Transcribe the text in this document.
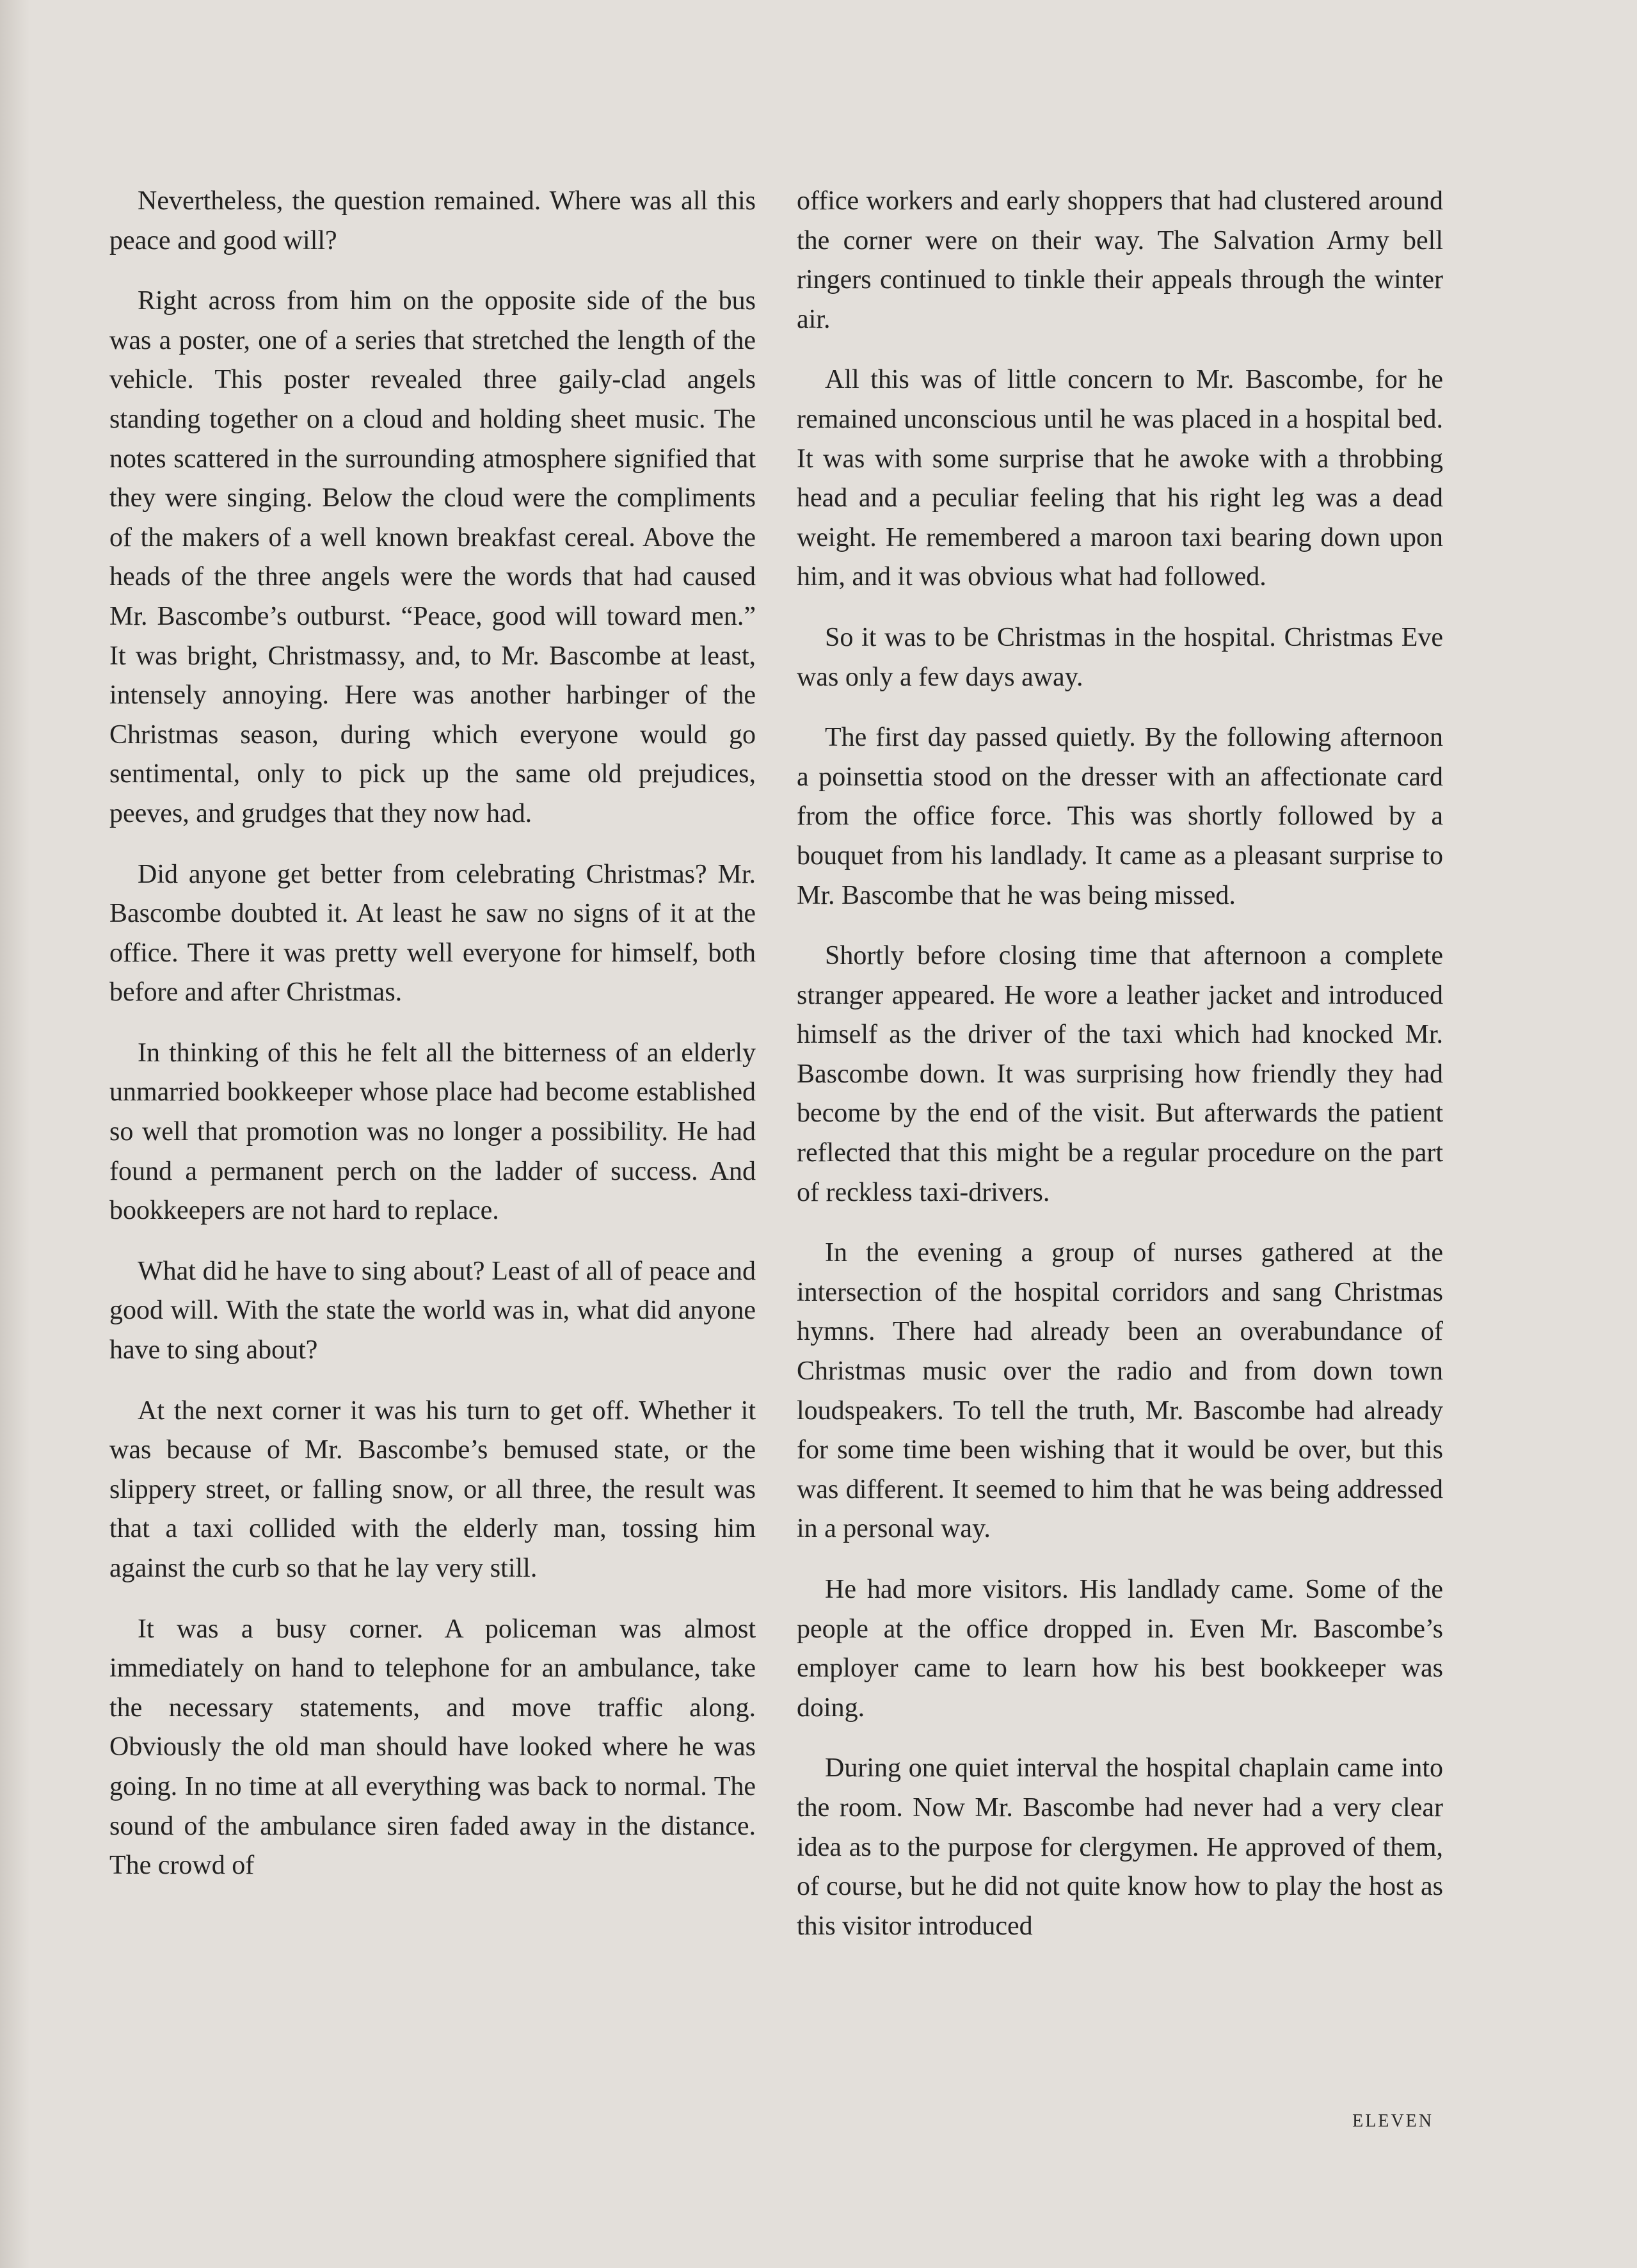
Nevertheless, the question remained. Where was all this peace and good will?

Right across from him on the opposite side of the bus was a poster, one of a series that stretched the length of the vehicle. This poster revealed three gaily-clad angels standing together on a cloud and holding sheet music. The notes scattered in the surrounding atmosphere signified that they were singing. Below the cloud were the compliments of the makers of a well known breakfast cereal. Above the heads of the three angels were the words that had caused Mr. Bascombe’s outburst. “Peace, good will toward men.” It was bright, Christmassy, and, to Mr. Bascombe at least, intensely annoying. Here was another harbinger of the Christmas season, during which everyone would go sentimental, only to pick up the same old prejudices, peeves, and grudges that they now had.

Did anyone get better from celebrating Christmas? Mr. Bascombe doubted it. At least he saw no signs of it at the office. There it was pretty well everyone for himself, both before and after Christmas.

In thinking of this he felt all the bitterness of an elderly unmarried bookkeeper whose place had become established so well that promotion was no longer a possibility. He had found a permanent perch on the ladder of success. And bookkeepers are not hard to replace.

What did he have to sing about? Least of all of peace and good will. With the state the world was in, what did anyone have to sing about?

At the next corner it was his turn to get off. Whether it was because of Mr. Bascombe’s bemused state, or the slippery street, or falling snow, or all three, the result was that a taxi collided with the elderly man, tossing him against the curb so that he lay very still.

It was a busy corner. A policeman was almost immediately on hand to telephone for an ambulance, take the necessary statements, and move traffic along. Obviously the old man should have looked where he was going. In no time at all everything was back to normal. The sound of the ambulance siren faded away in the distance. The crowd of

office workers and early shoppers that had clustered around the corner were on their way. The Salvation Army bell ringers continued to tinkle their appeals through the winter air.

All this was of little concern to Mr. Bascombe, for he remained unconscious until he was placed in a hospital bed. It was with some surprise that he awoke with a throbbing head and a peculiar feeling that his right leg was a dead weight. He remembered a maroon taxi bearing down upon him, and it was obvious what had followed.

So it was to be Christmas in the hospital. Christmas Eve was only a few days away.

The first day passed quietly. By the following afternoon a poinsettia stood on the dresser with an affectionate card from the office force. This was shortly followed by a bouquet from his landlady. It came as a pleasant surprise to Mr. Bascombe that he was being missed.

Shortly before closing time that afternoon a complete stranger appeared. He wore a leather jacket and introduced himself as the driver of the taxi which had knocked Mr. Bascombe down. It was surprising how friendly they had become by the end of the visit. But afterwards the patient reflected that this might be a regular procedure on the part of reckless taxi-drivers.

In the evening a group of nurses gathered at the intersection of the hospital corridors and sang Christmas hymns. There had already been an overabundance of Christmas music over the radio and from down town loudspeakers. To tell the truth, Mr. Bascombe had already for some time been wishing that it would be over, but this was different. It seemed to him that he was being addressed in a personal way.

He had more visitors. His landlady came. Some of the people at the office dropped in. Even Mr. Bascombe’s employer came to learn how his best bookkeeper was doing.

During one quiet interval the hospital chaplain came into the room. Now Mr. Bascombe had never had a very clear idea as to the purpose for clergymen. He approved of them, of course, but he did not quite know how to play the host as this visitor introduced

ELEVEN
